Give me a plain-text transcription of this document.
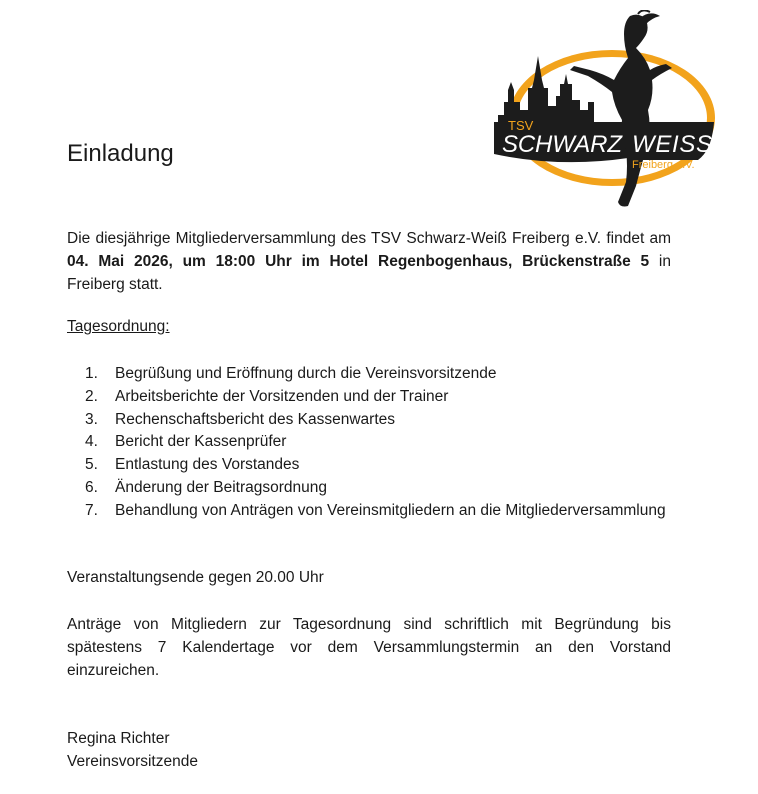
TSV
SCHWARZ WEISS
Freiberg e.V.
Einladung

Die diesjährige Mitgliederversammlung des TSV Schwarz-Weiß Freiberg e.V. findet am 04. Mai 2026, um 18:00 Uhr im Hotel Regenbogenhaus, Brückenstraße 5 in Freiberg statt.

Tagesordnung:

1. Begrüßung und Eröffnung durch die Vereinsvorsitzende
2. Arbeitsberichte der Vorsitzenden und der Trainer
3. Rechenschaftsbericht des Kassenwartes
4. Bericht der Kassenprüfer
5. Entlastung des Vorstandes
6. Änderung der Beitragsordnung
7. Behandlung von Anträgen von Vereinsmitgliedern an die Mitgliederversammlung

Veranstaltungsende gegen 20.00 Uhr

Anträge von Mitgliedern zur Tagesordnung sind schriftlich mit Begründung bis spätestens 7 Kalendertage vor dem Versammlungstermin an den Vorstand einzureichen.

Regina Richter
Vereinsvorsitzende
